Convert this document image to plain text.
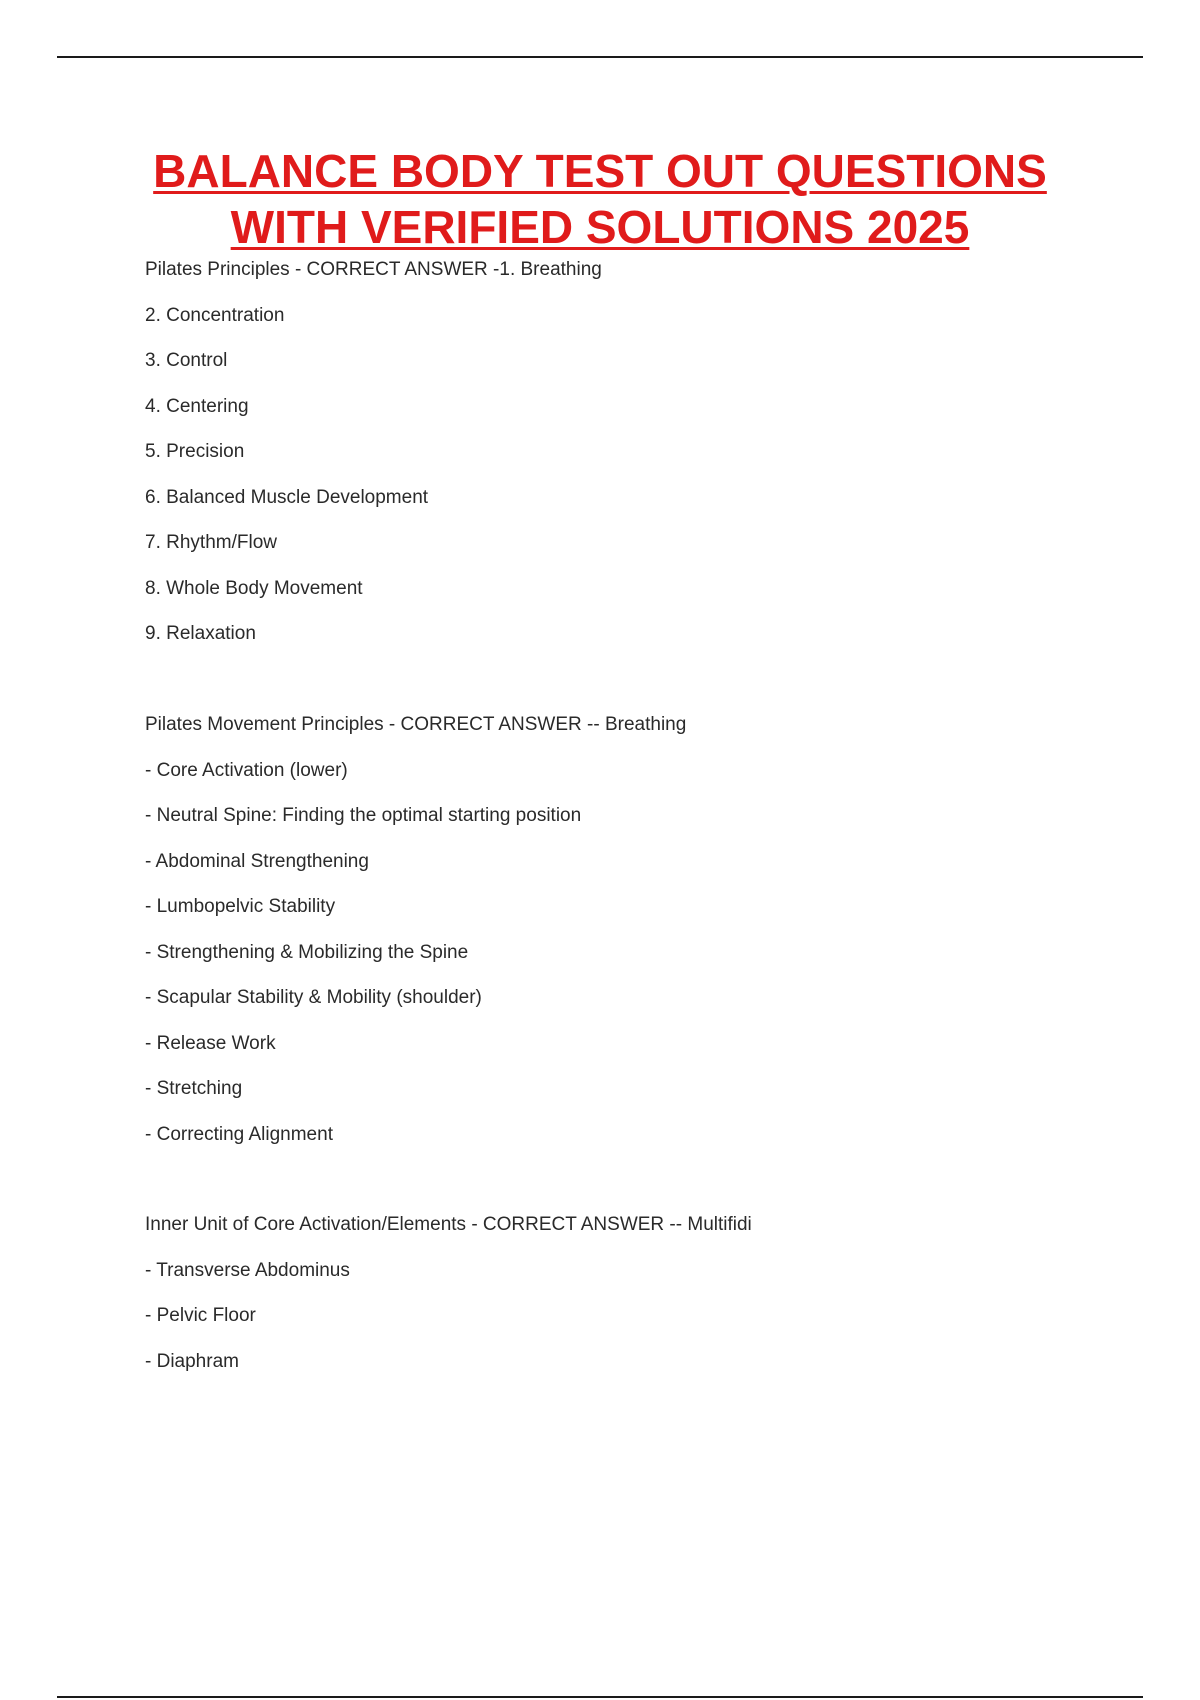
BALANCE BODY TEST OUT QUESTIONS
WITH VERIFIED SOLUTIONS 2025
Pilates Principles - CORRECT ANSWER -1. Breathing
2. Concentration
3. Control
4. Centering
5. Precision
6. Balanced Muscle Development
7. Rhythm/Flow
8. Whole Body Movement
9. Relaxation
Pilates Movement Principles - CORRECT ANSWER -- Breathing
- Core Activation (lower)
- Neutral Spine: Finding the optimal starting position
- Abdominal Strengthening
- Lumbopelvic Stability
- Strengthening & Mobilizing the Spine
- Scapular Stability & Mobility (shoulder)
- Release Work
- Stretching
- Correcting Alignment
Inner Unit of Core Activation/Elements - CORRECT ANSWER -- Multifidi
- Transverse Abdominus
- Pelvic Floor
- Diaphram
